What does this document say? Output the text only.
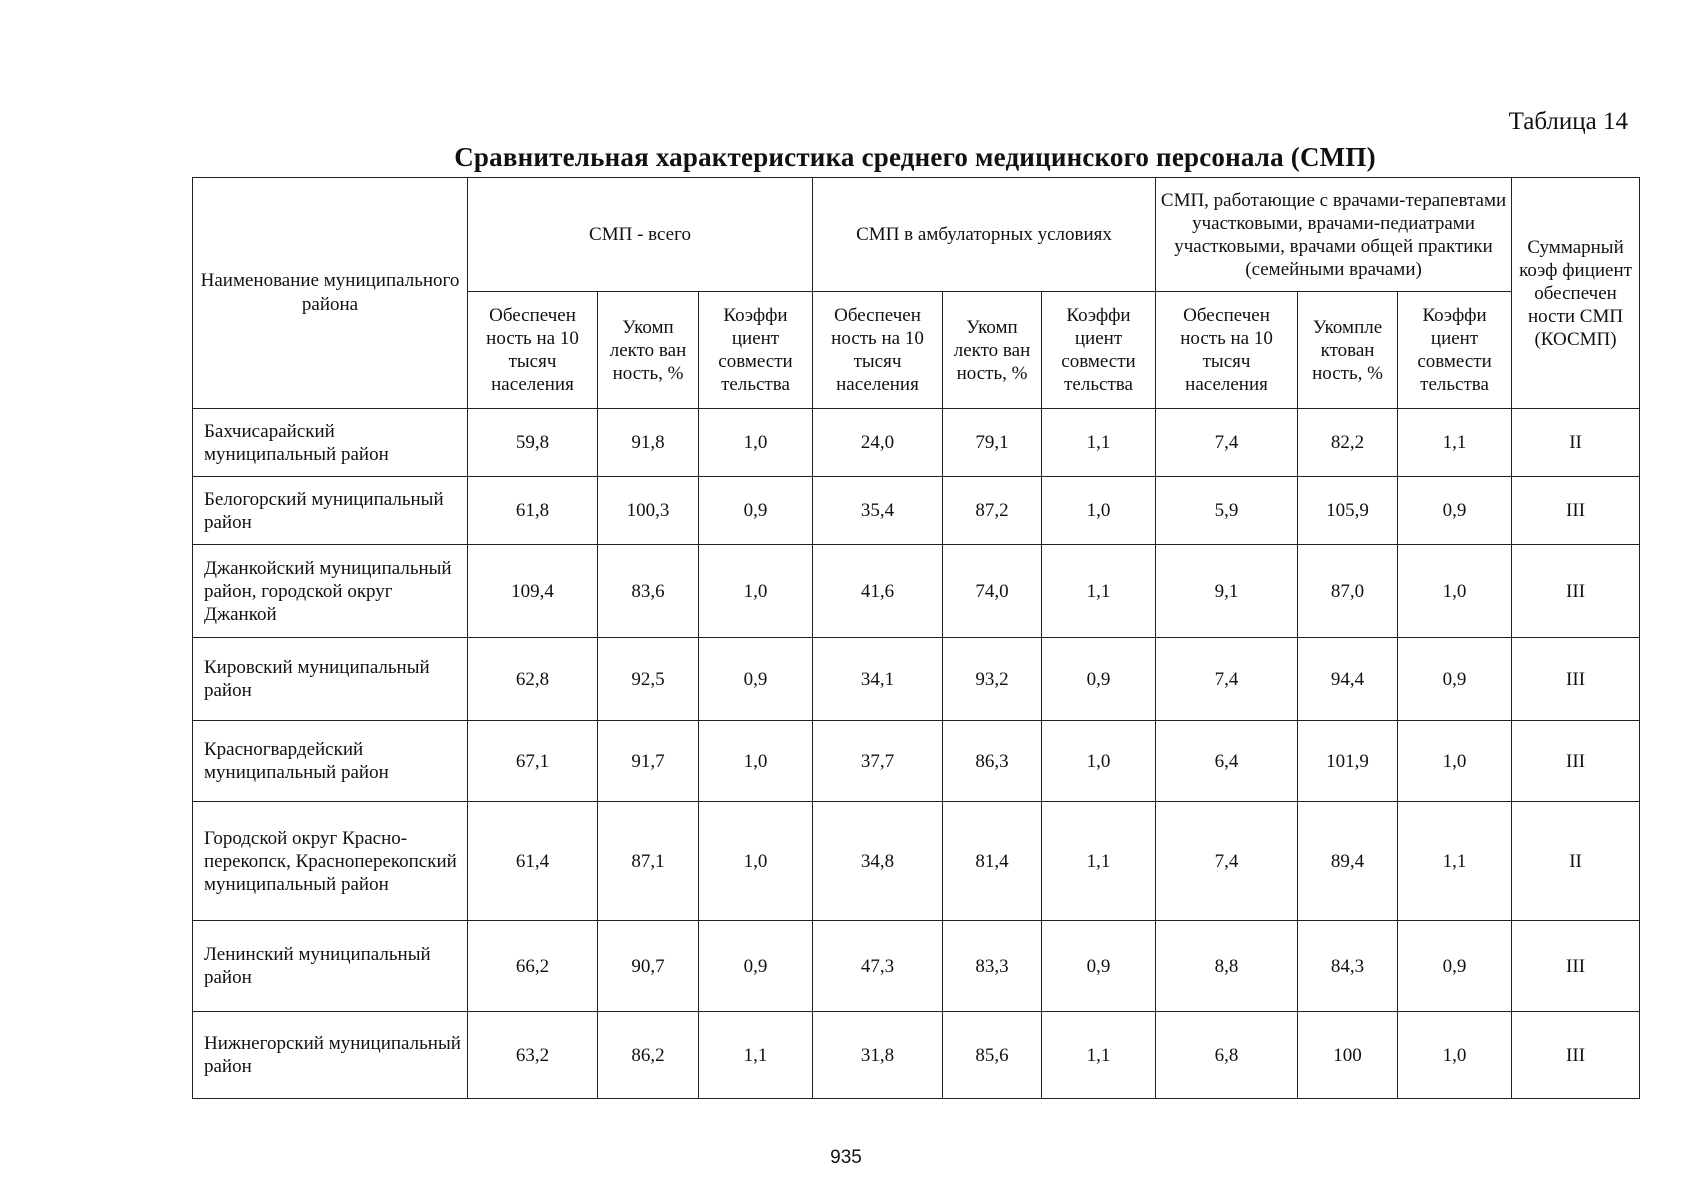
Таблица 14
Сравнительная характеристика среднего медицинского персонала (СМП)
Наименование муниципального района	СМП - всего			СМП в амбулаторных условиях			СМП, работающие с врачами-терапевтами участковыми, врачами-педиатрами участковыми, врачами общей практики (семейными врачами)			Суммарный коэф фициент обеспечен ности СМП (КОСМП)
	Обеспечен ность на 10 тысяч населения	Укомп лекто ван ность, %	Коэффи циент совмести тельства	Обеспечен ность на 10 тысяч населения	Укомп лекто ван ность, %	Коэффи циент совмести тельства	Обеспечен ность на 10 тысяч населения	Укомпле ктован ность, %	Коэффи циент совмести тельства	
Бахчисарайский муниципальный район	59,8	91,8	1,0	24,0	79,1	1,1	7,4	82,2	1,1	II
Белогорский муниципальный район	61,8	100,3	0,9	35,4	87,2	1,0	5,9	105,9	0,9	III
Джанкойский муниципальный район, городской округ Джанкой	109,4	83,6	1,0	41,6	74,0	1,1	9,1	87,0	1,0	III
Кировский муниципальный район	62,8	92,5	0,9	34,1	93,2	0,9	7,4	94,4	0,9	III
Красногвардейский муниципальный район	67,1	91,7	1,0	37,7	86,3	1,0	6,4	101,9	1,0	III
Городской округ Красно-перекопск, Красноперекопский муниципальный район	61,4	87,1	1,0	34,8	81,4	1,1	7,4	89,4	1,1	II
Ленинский муниципальный район	66,2	90,7	0,9	47,3	83,3	0,9	8,8	84,3	0,9	III
Нижнегорский муниципальный район	63,2	86,2	1,1	31,8	85,6	1,1	6,8	100	1,0	III
935
